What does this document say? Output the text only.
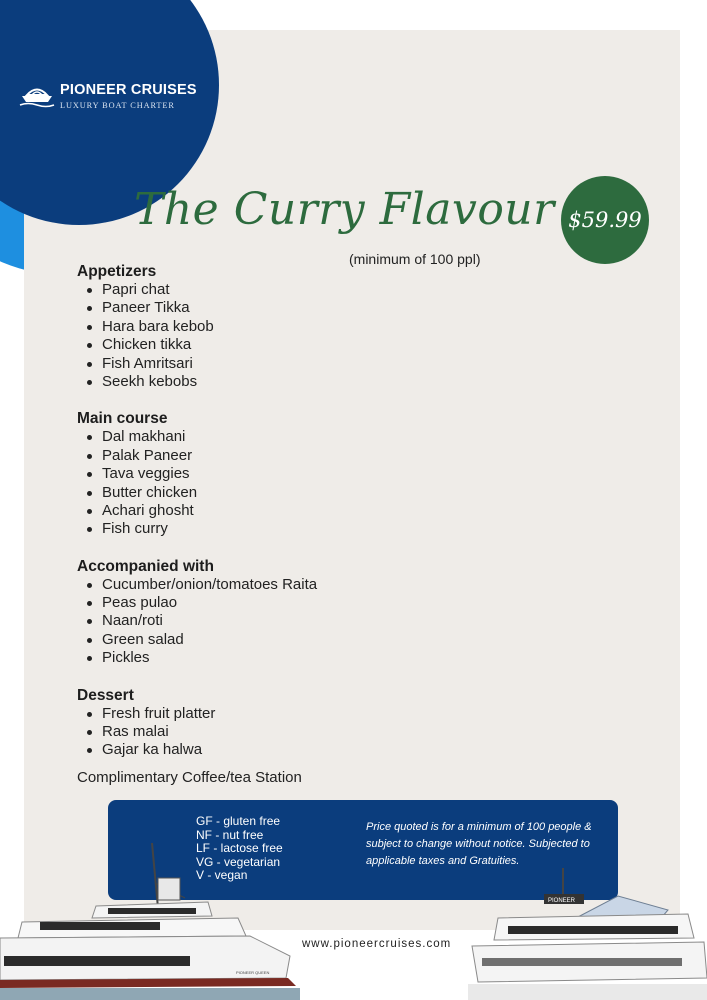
PIONEER CRUISES
LUXURY BOAT CHARTER
The Curry Flavour $59.99
(minimum of 100 ppl)
Appetizers
Papri chat
Paneer Tikka
Hara bara kebob
Chicken tikka
Fish Amritsari
Seekh kebobs
Main course
Dal makhani
Palak Paneer
Tava veggies
Butter chicken
Achari ghosht
Fish curry
Accompanied with
Cucumber/onion/tomatoes Raita
Peas pulao
Naan/roti
Green salad
Pickles
Dessert
Fresh fruit platter
Ras malai
Gajar ka halwa
Complimentary Coffee/tea Station
GF - gluten free
NF - nut free
LF - lactose free
VG - vegetarian
V - vegan
Price quoted is for a minimum of 100 people & subject to change without notice. Subjected to applicable taxes and Gratuities.
www.pioneercruises.com
PIONEER QUEEN
PIONEER
